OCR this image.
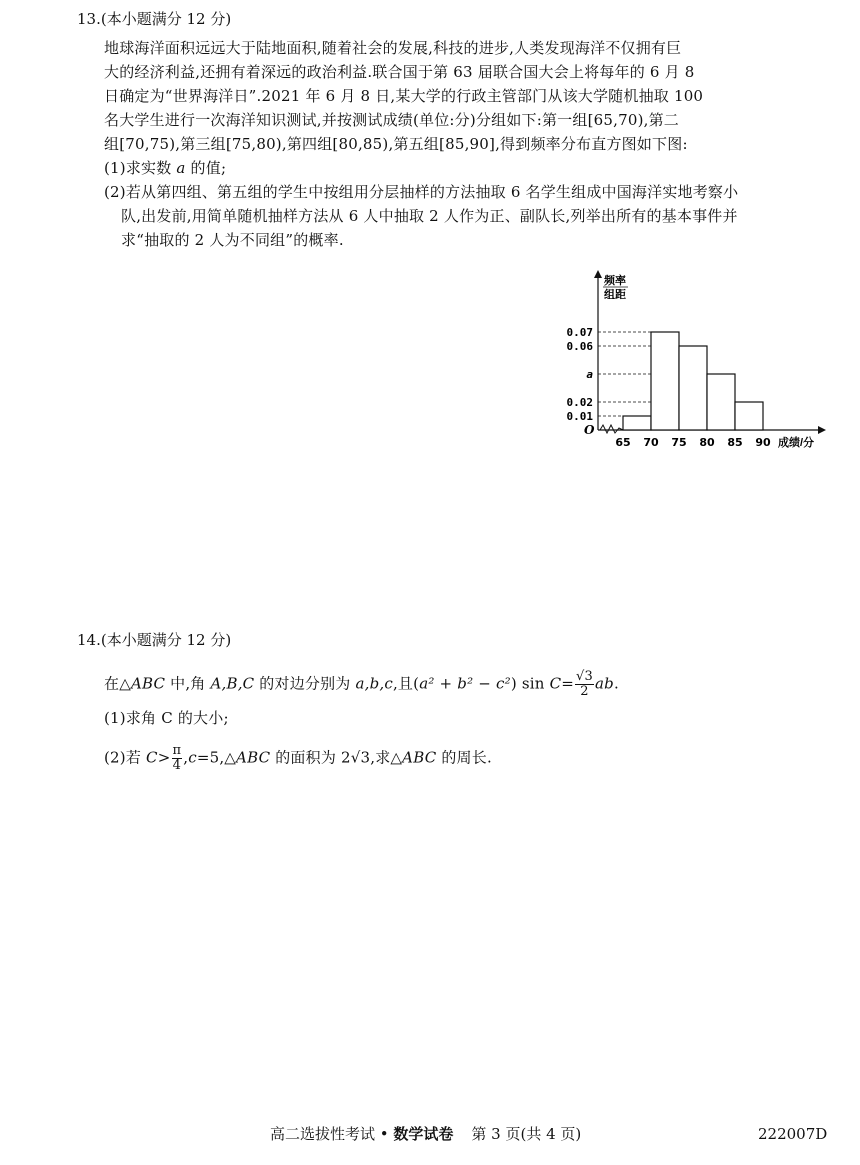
13.(本小题满分 12 分)
地球海洋面积远远大于陆地面积,随着社会的发展,科技的进步,人类发现海洋不仅拥有巨
大的经济利益,还拥有着深远的政治利益.联合国于第 63 届联合国大会上将每年的 6 月 8
日确定为“世界海洋日”.2021 年 6 月 8 日,某大学的行政主管部门从该大学随机抽取 100
名大学生进行一次海洋知识测试,并按测试成绩(单位:分)分组如下:第一组[65,70),第二
组[70,75),第三组[75,80),第四组[80,85),第五组[85,90],得到频率分布直方图如下图:
(1)求实数 a 的值;
(2)若从第四组、第五组的学生中按组用分层抽样的方法抽取 6 名学生组成中国海洋实地考察小
队,出发前,用简单随机抽样方法从 6 人中抽取 2 人作为正、副队长,列举出所有的基本事件并
求“抽取的 2 人为不同组”的概率.
频率
组距
O
0.07
0.06
a
0.02
0.01
65 70 75 80 85 90 成绩/分
14.(本小题满分 12 分)
在△ABC 中,角 A,B,C 的对边分别为 a,b,c,且(a² + b² − c²) $\sin C= \frac{√3}{2}$ ab.
(1)求角 C 的大小;
(2)若 $C> \frac{\pi}{4}$ ,c=5,△ABC 的面积为 2√3,求△ABC 的周长.
高二选拔性考试 • 数学试卷 第 3 页(共 4 页)	222007D
